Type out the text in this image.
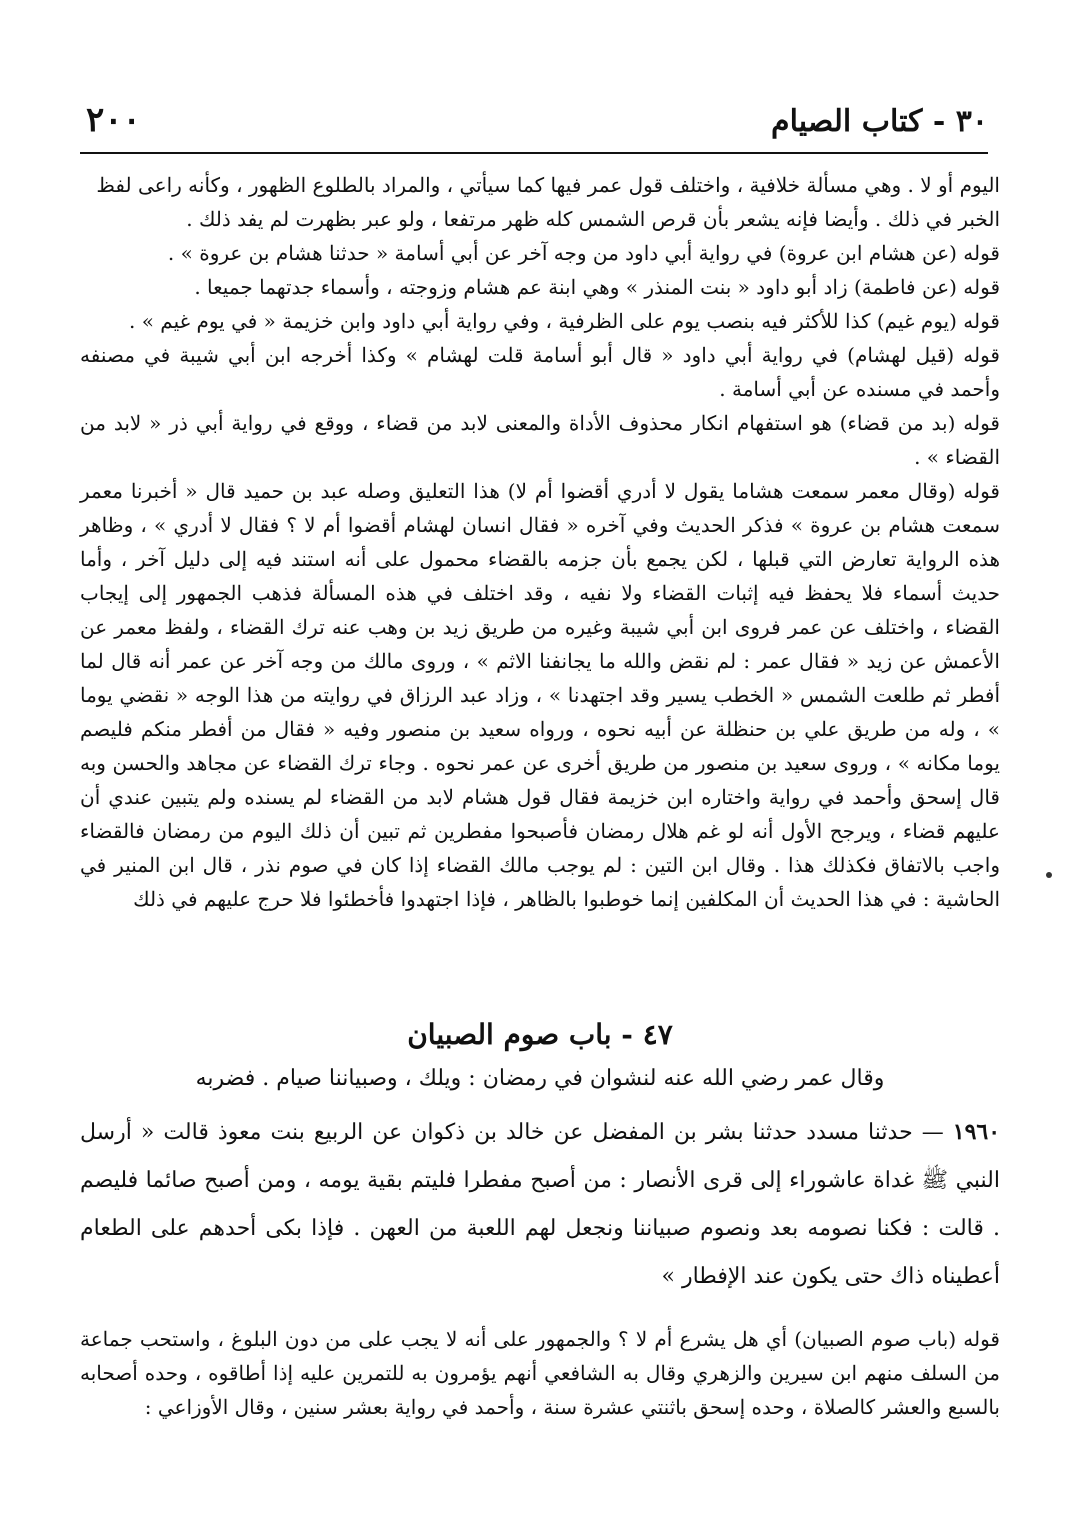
٣٠ - كتاب الصيام
٢٠٠

اليوم أو لا . وهي مسألة خلافية ، واختلف قول عمر فيها كما سيأتي ، والمراد بالطلوع الظهور ، وكأنه راعى لفظ

الخبر في ذلك . وأيضا فإنه يشعر بأن قرص الشمس كله ظهر مرتفعا ، ولو عبر بظهرت لم يفد ذلك .

قوله (عن هشام ابن عروة) في رواية أبي داود من وجه آخر عن أبي أسامة « حدثنا هشام بن عروة » .

قوله (عن فاطمة) زاد أبو داود « بنت المنذر » وهي ابنة عم هشام وزوجته ، وأسماء جدتهما جميعا .

قوله (يوم غيم) كذا للأكثر فيه بنصب يوم على الظرفية ، وفي رواية أبي داود وابن خزيمة « في يوم غيم » .

قوله (قيل لهشام) في رواية أبي داود « قال أبو أسامة قلت لهشام » وكذا أخرجه ابن أبي شيبة في مصنفه وأحمد في مسنده عن أبي أسامة .

قوله (بد من قضاء) هو استفهام انكار محذوف الأداة والمعنى لابد من قضاء ، ووقع في رواية أبي ذر « لابد من القضاء » .

قوله (وقال معمر سمعت هشاما يقول لا أدري أقضوا أم لا) هذا التعليق وصله عبد بن حميد قال « أخبرنا معمر سمعت هشام بن عروة » فذكر الحديث وفي آخره « فقال انسان لهشام أقضوا أم لا ؟ فقال لا أدري » ، وظاهر هذه الرواية تعارض التي قبلها ، لكن يجمع بأن جزمه بالقضاء محمول على أنه استند فيه إلى دليل آخر ، وأما حديث أسماء فلا يحفظ فيه إثبات القضاء ولا نفيه ، وقد اختلف في هذه المسألة فذهب الجمهور إلى إيجاب القضاء ، واختلف عن عمر فروى ابن أبي شيبة وغيره من طريق زيد بن وهب عنه ترك القضاء ، ولفظ معمر عن الأعمش عن زيد « فقال عمر : لم نقض والله ما يجانفنا الاثم » ، وروى مالك من وجه آخر عن عمر أنه قال لما أفطر ثم طلعت الشمس « الخطب يسير وقد اجتهدنا » ، وزاد عبد الرزاق في روايته من هذا الوجه « نقضي يوما » ، وله من طريق علي بن حنظلة عن أبيه نحوه ، ورواه سعيد بن منصور وفيه « فقال من أفطر منكم فليصم يوما مكانه » ، وروى سعيد بن منصور من طريق أخرى عن عمر نحوه . وجاء ترك القضاء عن مجاهد والحسن وبه قال إسحق وأحمد في رواية واختاره ابن خزيمة فقال قول هشام لابد من القضاء لم يسنده ولم يتبين عندي أن عليهم قضاء ، ويرجح الأول أنه لو غم هلال رمضان فأصبحوا مفطرين ثم تبين أن ذلك اليوم من رمضان فالقضاء واجب بالاتفاق فكذلك هذا . وقال ابن التين : لم يوجب مالك القضاء إذا كان في صوم نذر ، قال ابن المنير في الحاشية : في هذا الحديث أن المكلفين إنما خوطبوا بالظاهر ، فإذا اجتهدوا فأخطئوا فلا حرج عليهم في ذلك

٤٧ - باب صوم الصبيان
وقال عمر رضي الله عنه لنشوان في رمضان : ويلك ، وصبياننا صيام . فضربه

١٩٦٠ — حدثنا مسدد حدثنا بشر بن المفضل عن خالد بن ذكوان عن الربيع بنت معوذ قالت « أرسل النبي ﷺ غداة عاشوراء إلى قرى الأنصار : من أصبح مفطرا فليتم بقية يومه ، ومن أصبح صائما فليصم . قالت : فكنا نصومه بعد ونصوم صبياننا ونجعل لهم اللعبة من العهن . فإذا بكى أحدهم على الطعام أعطيناه ذاك حتى يكون عند الإفطار »

قوله (باب صوم الصبيان) أي هل يشرع أم لا ؟ والجمهور على أنه لا يجب على من دون البلوغ ، واستحب جماعة من السلف منهم ابن سيرين والزهري وقال به الشافعي أنهم يؤمرون به للتمرين عليه إذا أطاقوه ، وحده أصحابه بالسبع والعشر كالصلاة ، وحده إسحق باثنتي عشرة سنة ، وأحمد في رواية بعشر سنين ، وقال الأوزاعي :
